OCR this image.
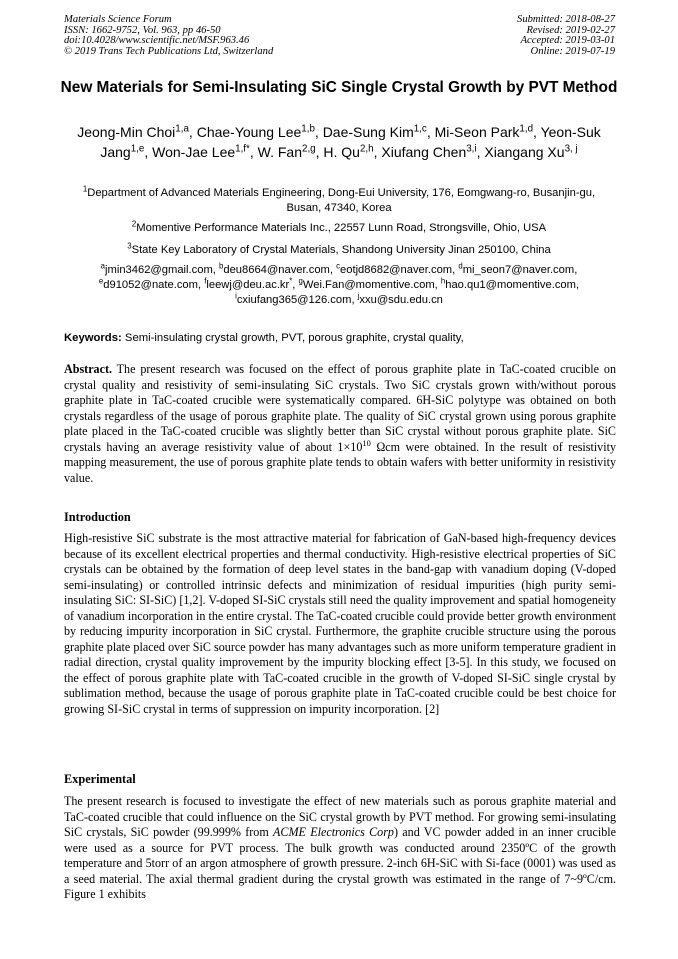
Materials Science Forum
ISSN: 1662-9752, Vol. 963, pp 46-50
doi:10.4028/www.scientific.net/MSF.963.46
© 2019 Trans Tech Publications Ltd, Switzerland
Submitted: 2018-08-27
Revised: 2019-02-27
Accepted: 2019-03-01
Online: 2019-07-19
New Materials for Semi-Insulating SiC Single Crystal Growth by PVT Method
Jeong-Min Choi$^{1,a}$, Chae-Young Lee$^{1,b}$, Dae-Sung Kim$^{1,c}$, Mi-Seon Park$^{1,d}$, Yeon-Suk Jang$^{1,e}$, Won-Jae Lee$^{1,f*}$, W. Fan$^{2,g}$, H. Qu$^{2,h}$, Xiufang Chen$^{3,i}$, Xiangang Xu$^{3, j}$
$^1$Department of Advanced Materials Engineering, Dong-Eui University, 176, Eomgwang-ro, Busanjin-gu, Busan, 47340, Korea
$^2$Momentive Performance Materials Inc., 22557 Lunn Road, Strongsville, Ohio, USA
$^3$State Key Laboratory of Crystal Materials, Shandong University Jinan 250100, China
$^a$jmin3462@gmail.com, $^b$deu8664@naver.com, $^c$eotjd8682@naver.com, $^d$mi_seon7@naver.com, $^e$d91052@nate.com, $^f$leewj@deu.ac.kr*, $^g$Wei.Fan@momentive.com, $^h$hao.qu1@momentive.com, $^i$cxiufang365@126.com, $^j$xxu@sdu.edu.cn
Keywords: Semi-insulating crystal growth, PVT, porous graphite, crystal quality,
Abstract. The present research was focused on the effect of porous graphite plate in TaC-coated crucible on crystal quality and resistivity of semi-insulating SiC crystals. Two SiC crystals grown with/without porous graphite plate in TaC-coated crucible were systematically compared. 6H-SiC polytype was obtained on both crystals regardless of the usage of porous graphite plate. The quality of SiC crystal grown using porous graphite plate placed in the TaC-coated crucible was slightly better than SiC crystal without porous graphite plate. SiC crystals having an average resistivity value of about $1\times 10^{10}$ Ωcm were obtained. In the result of resistivity mapping measurement, the use of porous graphite plate tends to obtain wafers with better uniformity in resistivity value.
Introduction
High-resistive SiC substrate is the most attractive material for fabrication of GaN-based high-frequency devices because of its excellent electrical properties and thermal conductivity. High-resistive electrical properties of SiC crystals can be obtained by the formation of deep level states in the band-gap with vanadium doping (V-doped semi-insulating) or controlled intrinsic defects and minimization of residual impurities (high purity semi-insulating SiC: SI-SiC) [1,2]. V-doped SI-SiC crystals still need the quality improvement and spatial homogeneity of vanadium incorporation in the entire crystal. The TaC-coated crucible could provide better growth environment by reducing impurity incorporation in SiC crystal. Furthermore, the graphite crucible structure using the porous graphite plate placed over SiC source powder has many advantages such as more uniform temperature gradient in radial direction, crystal quality improvement by the impurity blocking effect [3-5]. In this study, we focused on the effect of porous graphite plate with TaC-coated crucible in the growth of V-doped SI-SiC single crystal by sublimation method, because the usage of porous graphite plate in TaC-coated crucible could be best choice for growing SI-SiC crystal in terms of suppression on impurity incorporation. [2]
Experimental
The present research is focused to investigate the effect of new materials such as porous graphite material and TaC-coated crucible that could influence on the SiC crystal growth by PVT method. For growing semi-insulating SiC crystals, SiC powder (99.999% from ACME Electronics Corp) and VC powder added in an inner crucible were used as a source for PVT process. The bulk growth was conducted around 2350ºC of the growth temperature and 5torr of an argon atmosphere of growth pressure. 2-inch 6H-SiC with Si-face (0001) was used as a seed material. The axial thermal gradient during the crystal growth was estimated in the range of 7~9ºC/cm. Figure 1 exhibits
